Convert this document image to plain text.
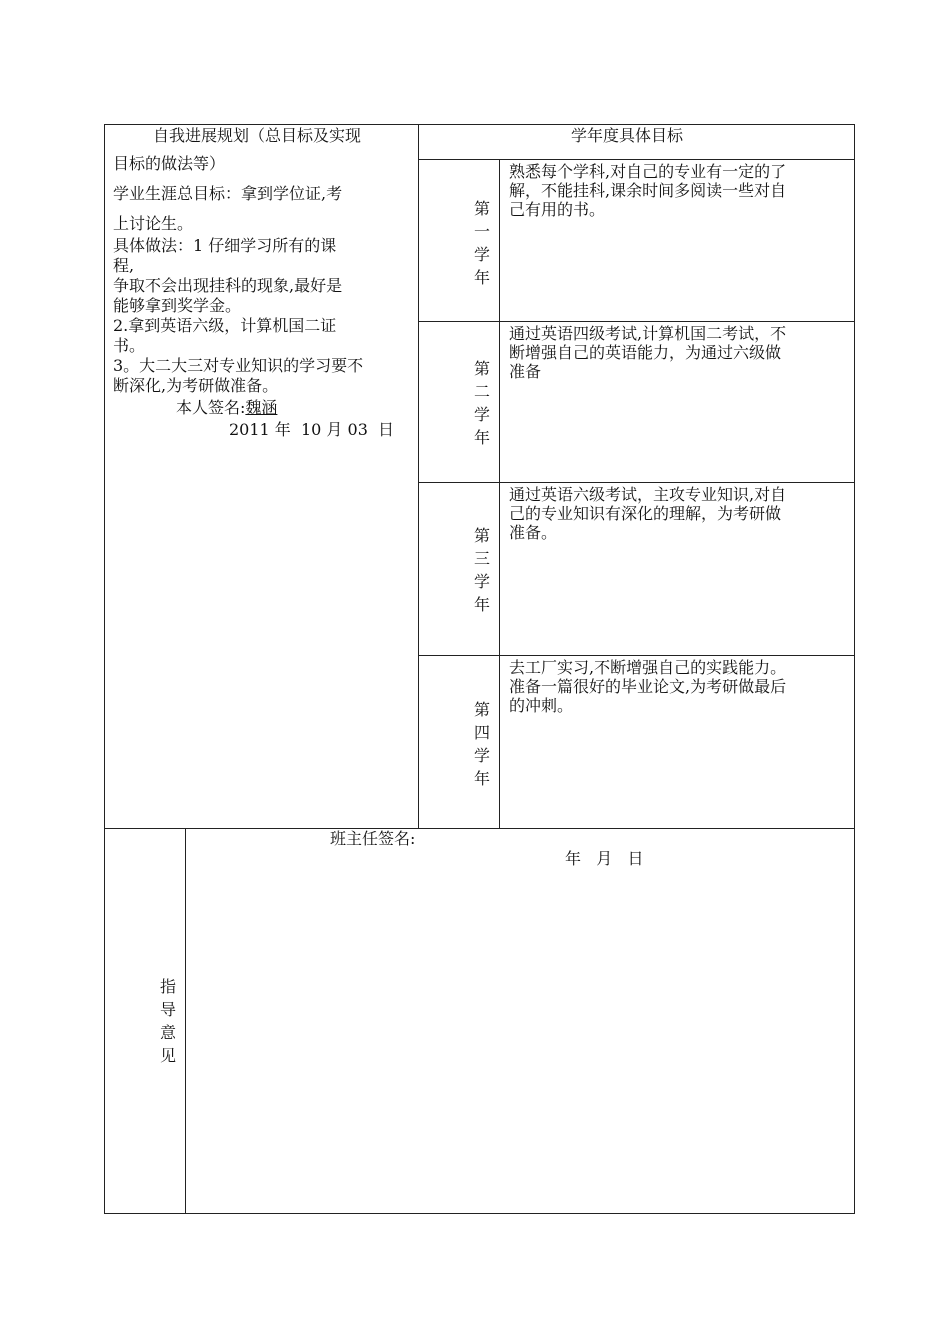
自我进展规划（总目标及实现
目标的做法等）
学业生涯总目标：拿到学位证,考
上讨论生。
具体做法：1 仔细学习所有的课
程,
争取不会出现挂科的现象,最好是
能够拿到奖学金。
2.拿到英语六级，计算机国二证
书。
3。大二大三对专业知识的学习要不
断深化,为考研做准备。
本人签名:魏涵
2011 年  10 月 03  日
学年度具体目标
第
一
学
年
熟悉每个学科,对自己的专业有一定的了
解，不能挂科,课余时间多阅读一些对自
己有用的书。
第
二
学
年
通过英语四级考试,计算机国二考试，不
断增强自己的英语能力，为通过六级做
准备
第
三
学
年
通过英语六级考试，主攻专业知识,对自
己的专业知识有深化的理解，为考研做
准备。
第
四
学
年
去工厂实习,不断增强自己的实践能力。
准备一篇很好的毕业论文,为考研做最后
的冲刺。
指
导
意
见
班主任签名:
年   月   日
